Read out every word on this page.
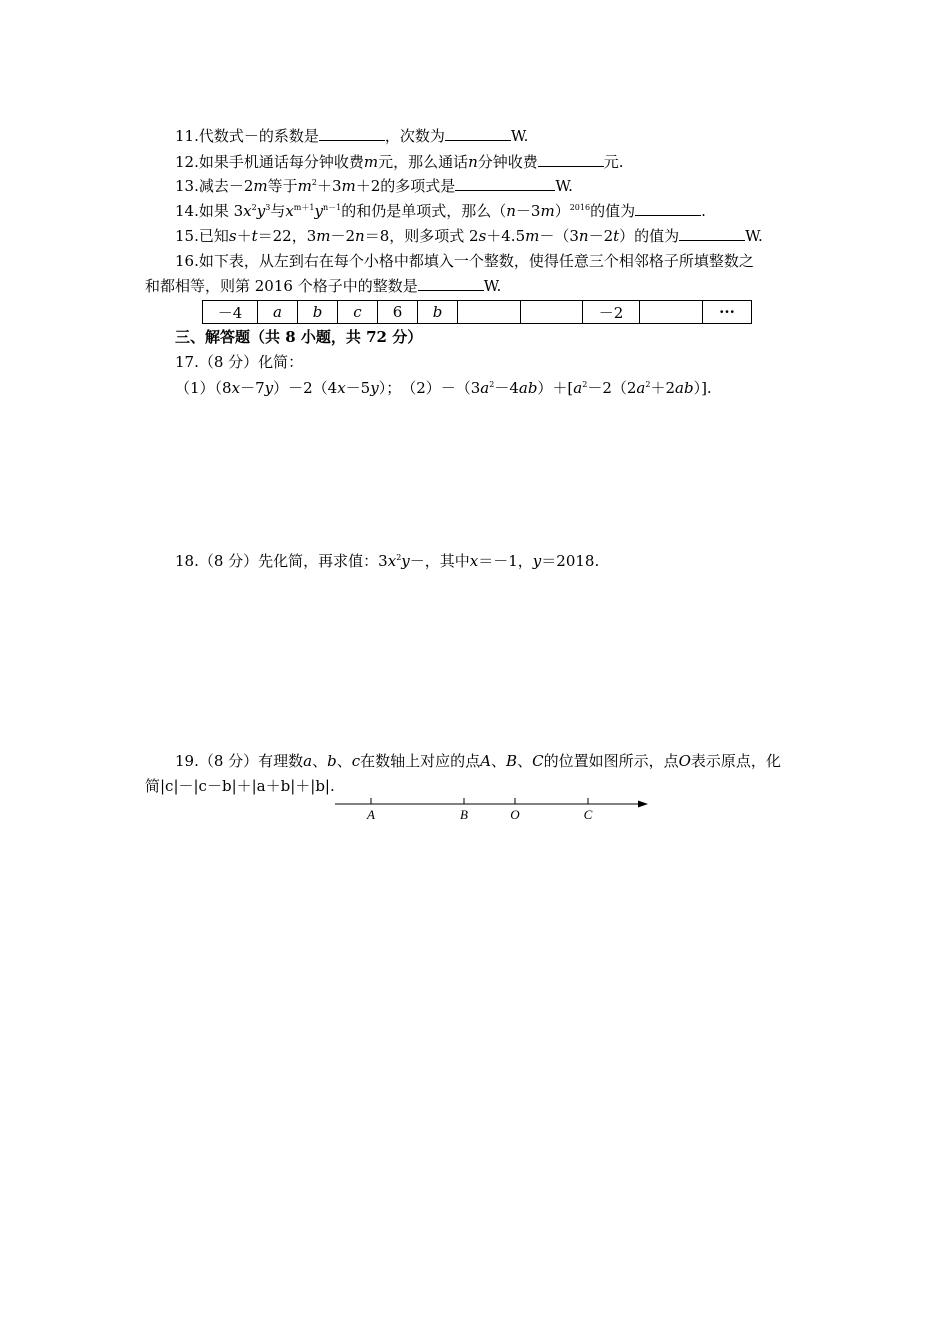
11.代数式－的系数是	，次数为	W.
12.如果手机通话每分钟收费m元，那么通话n分钟收费	元.
13.减去－2m等于$m^2+3m+2$的多项式是	W.
14.如果 $3x^2y^3$与$x^{m+1}y^{n-1}$的和仍是单项式，那么$(n-3m)^{2016}$的值为	.
15.已知s＋t＝22，3m－2n＝8，则多项式 2s＋4.5m－（3n－2t）的值为	W.
16.如下表，从左到右在每个小格中都填入一个整数，使得任意三个相邻格子所填整数之
和都相等，则第 2016 个格子中的整数是	W.
－4	a	b	c	6	b			－2		···
三、解答题（共 8 小题，共 72 分）
17.（8 分）化简：
（1）（8x－7y）－2（4x－5y）；　$(2)-(3a^2-4ab)+[a^2-2(2a^2+2ab)]$.
18.（8 分）先化简，再求值：$3x^2y-$，其中x＝－1，y＝2018.
19.（8 分）有理数a、b、c在数轴上对应的点A、B、C的位置如图所示，点O表示原点，化
简|c|－|c－b|＋|a＋b|＋|b|.
A	B	O	C
